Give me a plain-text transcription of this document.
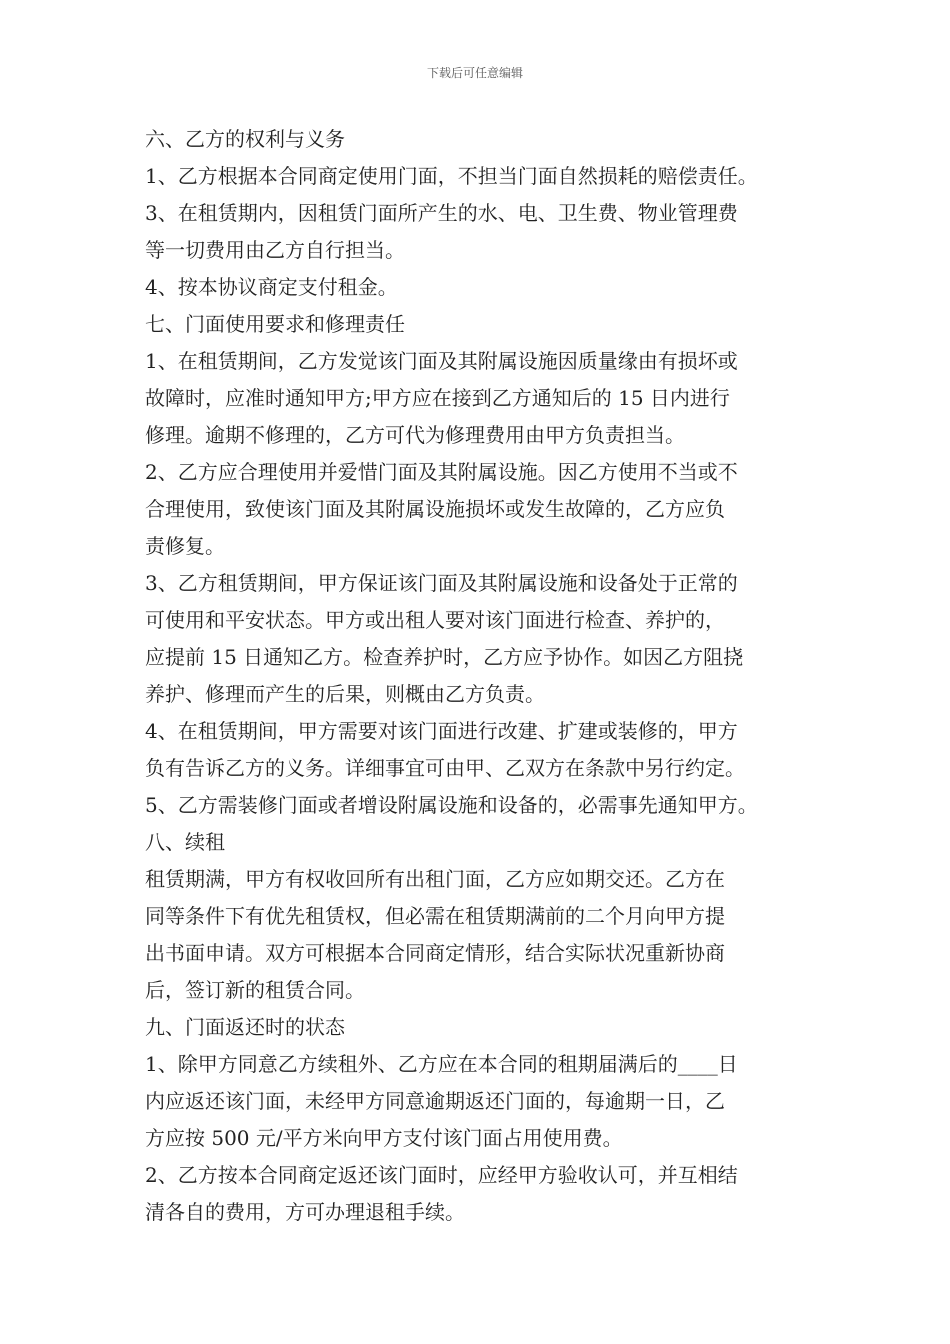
下载后可任意编辑

六、乙方的权利与义务

1、乙方根据本合同商定使用门面，不担当门面自然损耗的赔偿责任。

3、在租赁期内，因租赁门面所产生的水、电、卫生费、物业管理费
等一切费用由乙方自行担当。

4、按本协议商定支付租金。

七、门面使用要求和修理责任

1、在租赁期间，乙方发觉该门面及其附属设施因质量缘由有损坏或
故障时，应准时通知甲方;甲方应在接到乙方通知后的 15 日内进行
修理。逾期不修理的，乙方可代为修理费用由甲方负责担当。

2、乙方应合理使用并爱惜门面及其附属设施。因乙方使用不当或不
合理使用，致使该门面及其附属设施损坏或发生故障的，乙方应负
责修复。

3、乙方租赁期间，甲方保证该门面及其附属设施和设备处于正常的
可使用和平安状态。甲方或出租人要对该门面进行检查、养护的，
应提前 15 日通知乙方。检查养护时，乙方应予协作。如因乙方阻挠
养护、修理而产生的后果，则概由乙方负责。

4、在租赁期间，甲方需要对该门面进行改建、扩建或装修的，甲方
负有告诉乙方的义务。详细事宜可由甲、乙双方在条款中另行约定。

5、乙方需装修门面或者增设附属设施和设备的，必需事先通知甲方。

八、续租

租赁期满，甲方有权收回所有出租门面，乙方应如期交还。乙方在
同等条件下有优先租赁权，但必需在租赁期满前的二个月向甲方提
出书面申请。双方可根据本合同商定情形，结合实际状况重新协商
后，签订新的租赁合同。

九、门面返还时的状态

1、除甲方同意乙方续租外、乙方应在本合同的租期届满后的____日
内应返还该门面，未经甲方同意逾期返还门面的，每逾期一日，乙
方应按 500 元/平方米向甲方支付该门面占用使用费。

2、乙方按本合同商定返还该门面时，应经甲方验收认可，并互相结
清各自的费用，方可办理退租手续。
